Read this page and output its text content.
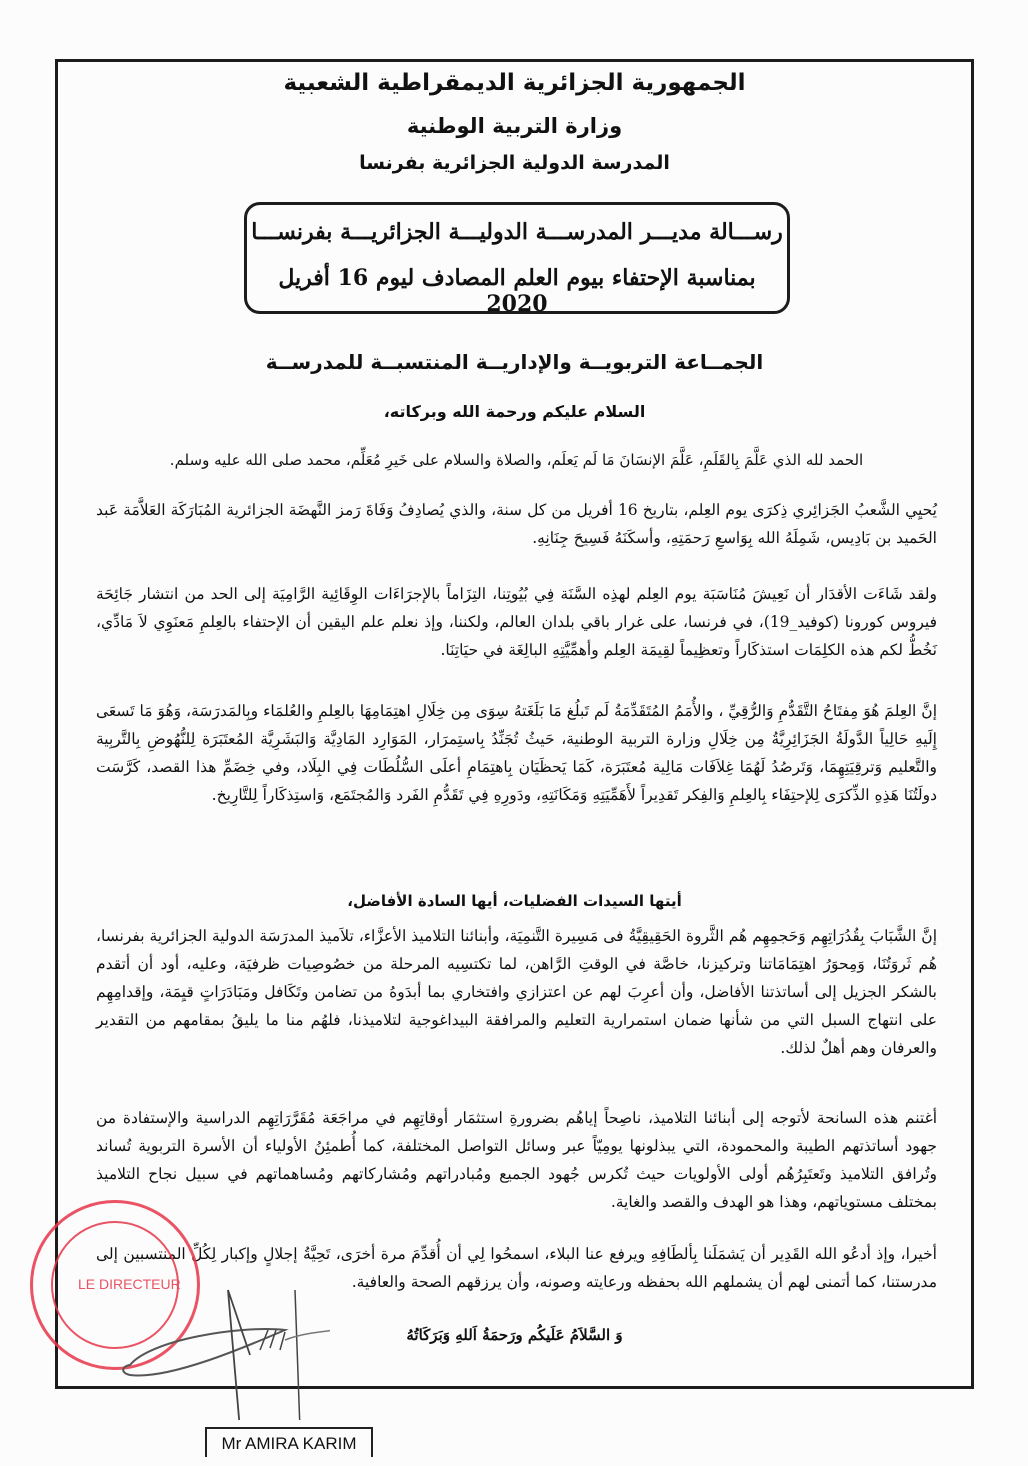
الجمهورية الجزائرية الديمقراطية الشعبية
وزارة التربية الوطنية
المدرسة الدولية الجزائرية بفرنسا
رســـالة مديـــر المدرســـة الدوليـــة الجزائريـــة بفرنســـا
بمناسبة الإحتفاء بيوم العلم المصادف ليوم 16 أفريل 2020
الجمــاعة التربويــة والإداريــة المنتسبــة للمدرســة
السلام عليكم ورحمة الله وبركاته،
الحمد لله الذي عَلَّمَ بِالقَلَمِ، عَلَّمَ الإنسَانَ مَا لَم يَعلَم، والصلاة والسلام على خَيرِ مُعَلِّم، محمد صلى الله عليه وسلم.
يُحيِي الشَّعبُ الجَزائِري ذِكرَى يوم العِلم، بتاريخ 16 أفريل من كل سنة، والذي يُصادِفُ وَفَاةَ رَمز النَّهضَة الجزائرية المُبَارَكَة العَلاَّمَة عَبد الحَميد بن بَادِيس، شَمِلَهُ الله بِوَاسعِ رَحمَتِهِ، وأسكَنَهُ فَسِيحَ جِنَانِهِ.
ولقد شَاءَت الأقدَار أن نَعِيشَ مُنَاسَبَة يوم العِلم لهذِه السَّنَة فِي بُيُوتِنا، التِزَاماً بالإجرَاءَات الوِقَائِية الرَّامِيَة إلى الحد من انتشار جَائِحَة فيروس كورونا (كوفيد_19)، في فرنسا، على غرار باقي بلدان العالم، ولكننا، وإذ نعلم علم اليقين أن الإحتفاء بالعِلمِ مَعنَوِي لاَ مَادِّي، نَخُطُّ لكم هذه الكلِمَات استذكَاراً وتعظِيماً لقِيمَة العِلم وأهمِّيَّتِهِ البالِغَة في حيَاتِنَا.
إنَّ العِلمَ هُوَ مِفتَاحُ التَّقَدُّمِ وَالرُّقِيِّ ، والأُمَمُ المُتَقَدِّمَةُ لَم تَبلُغ مَا بَلَغَتهُ سِوَى مِن خِلَالِ اهتِمَامِهَا بالعِلمِ والعُلمَاء وبِالمَدرَسَة، وَهُوَ مَا تَسعَى إِلَيهِ حَالِياً الدَّولَةُ الجَزَائِرِيَّةُ مِن خِلَالِ وزارة التربية الوطنية، حَيثُ تُجَنِّدُ بِاستِمرَار، المَوَارِد المَادِيَّة وَالبَشَرِيَّة المُعتَبَرَة لِلنُّهُوضِ بِالتَّربِية والتَّعليم وَترقِيَتِهِمَا، وَتَرصُدُ لَهُمَا غِلاَفَات مَالِية مُعتَبَرَة، كَمَا يَحظَيَان بِاهتِمَامِ أعلَى السُّلُطَات فِي البِلَاد، وفي خِضَمِّ هذا القصد، كَرَّسَت دولَتُنَا هَذِهِ الذِّكرَى لِلإحتِفَاء بِالعِلمِ وَالفِكر تَقدِيراً لأَهَمِّيَتِهِ وَمَكَانَتِهِ، ودَورِهِ فِي تَقَدُّمِ الفَرد وَالمُجتَمَع، وَاستِذكَاراً لِلتَّارِيخ.
أيتها السيدات الفضليات، أيها السادة الأفاضل،
إنَّ الشَّبَابَ بِقُدُرَاتِهِم وَحَجمِهِم هُم الثَّروة الحَقِيقِيَّةُ فى مَسِيرة التَّنمِيَة، وأبنائنا التلاميذ الأعزَّاء، تلاَميذ المدرَسَة الدولية الجزائرية بفرنسا، هُم ثَروَتُنَا، وَمِحوَرُ اهتِمَامَاتنا وتركيزنا، خاصَّة في الوقتِ الرَّاهن، لما تكتسِيه المرحلة من خصُوصِيات ظرفيَة، وعليه، أود أن أتقدم بالشكر الجزيل إلى أساتذتنا الأفاضل، وأن أعرِبَ لهم عن اعتزازي وافتخاري بما أبدَوهُ من تضامن وتَكَافل ومَبَادَرَاتٍ قيِمَة، وإقدامِهِم على انتهاج السبل التي من شأنها ضمان استمرارية التعليم والمرافقة البيداغوجية لتلاميذنا، فلهُم منا ما يليقُ بمقامهم من التقدير والعرفان وهم أهلٌ لذلك.
أغتنم هذه السانحة لأتوجه إلى أبنائنا التلاميذ، ناصِحاً إياهُم بضرورةِ استثمَار أوقاتِهِم في مراجَعَة مُقَرَّرَاتِهِم الدراسية والإستفادة من جهود أساتذتهم الطيبة والمحمودة، التي يبذلونها يومِيّاً عبر وسائل التواصل المختلفة، كما أُطمئِنُ الأولياء أن الأسرة التربوية تُساند وتُرافق التلاميذ وتَعتَبِرُهُم أولى الأولويات حيث تُكرس جُهود الجميع ومُبادراتهم ومُشاركاتهم ومُساهماتهم في سبيل نجاح التلاميذ بمختلف مستوياتهم، وهذا هو الهدف والقصد والغاية.
أخيرا، وإذ أدعُو الله القَدِير أن يَشمَلَنا بِألطَافِهِ ويرفع عنا البلاء، اسمحُوا لِي أن أُقدِّمَ مرة أخرَى، تَحِيَّةُ إجلالٍ وإكبار لِكُلِّ المنتسبين إلى مدرستنا، كما أتمنى لهم أن يشملهم الله بحفظه ورعايته وصونه، وأن يرزقهم الصحة والعافية.
وَ السَّلاَمُ عَلَيكُم ورَحمَةُ اَللهِ وَبَرَكَاتُهُ
LE DIRECTEUR
Mr AMIRA KARIM
